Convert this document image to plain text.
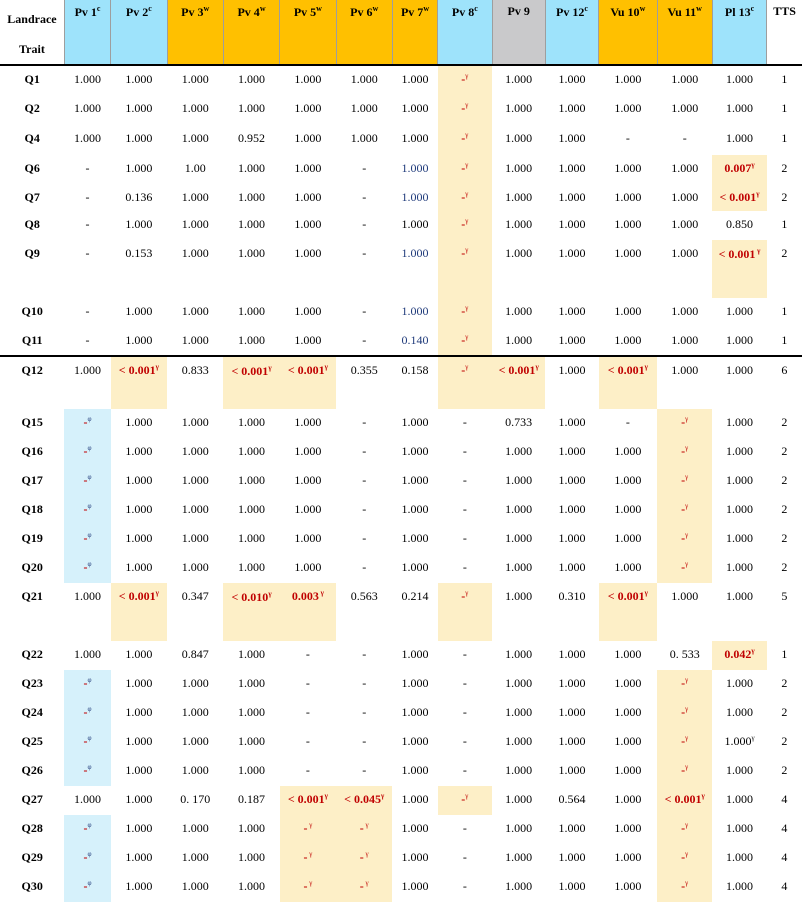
Landrace
Trait	Pv 1$^c$	Pv 2$^c$	Pv 3$^w$	Pv 4$^w$	Pv 5$^w$	Pv 6$^w$	Pv 7$^w$	Pv 8$^c$	Pv 9	Pv 12$^c$	Vu 10$^w$	Vu 11$^w$	Pl 13$^c$	TTS
Q1	1.000	1.000	1.000	1.000	1.000	1.000	1.000	-$^\gamma$	1.000	1.000	1.000	1.000	1.000	1
Q2	1.000	1.000	1.000	1.000	1.000	1.000	1.000	-$^\gamma$	1.000	1.000	1.000	1.000	1.000	1
Q4	1.000	1.000	1.000	0.952	1.000	1.000	1.000	-$^\gamma$	1.000	1.000	-	-	1.000	1
Q6	-	1.000	1.00	1.000	1.000	-	1.000	-$^\gamma$	1.000	1.000	1.000	1.000	$0.007^\gamma$	2
Q7	-	0.136	1.000	1.000	1.000	-	1.000	-$^\gamma$	1.000	1.000	1.000	1.000	< $0.001^\gamma$	2
Q8	-	1.000	1.000	1.000	1.000	-	1.000	-$^\gamma$	1.000	1.000	1.000	1.000	0.850	1
Q9	-	0.153	1.000	1.000	1.000	-	1.000	-$^\gamma$	1.000	1.000	1.000	1.000	< 0.001 $^\gamma$	2
Q10	-	1.000	1.000	1.000	1.000	-	1.000	-$^\gamma$	1.000	1.000	1.000	1.000	1.000	1
Q11	-	1.000	1.000	1.000	1.000	-	0.140	-$^\gamma$	1.000	1.000	1.000	1.000	1.000	1
Q12	1.000	< $0.001^\gamma$	0.833	< $0.001^\gamma$	< $0.001^\gamma$	0.355	0.158	-$^\gamma$	< $0.001^\gamma$	1.000	< $0.001^\gamma$	1.000	1.000	6
Q15	-$^\varphi$	1.000	1.000	1.000	1.000	-	1.000	-	0.733	1.000	-	-$^\gamma$	1.000	2
Q16	-$^\varphi$	1.000	1.000	1.000	1.000	-	1.000	-	1.000	1.000	1.000	-$^\gamma$	1.000	2
Q17	-$^\varphi$	1.000	1.000	1.000	1.000	-	1.000	-	1.000	1.000	1.000	-$^\gamma$	1.000	2
Q18	-$^\varphi$	1.000	1.000	1.000	1.000	-	1.000	-	1.000	1.000	1.000	-$^\gamma$	1.000	2
Q19	-$^\varphi$	1.000	1.000	1.000	1.000	-	1.000	-	1.000	1.000	1.000	-$^\gamma$	1.000	2
Q20	-$^\varphi$	1.000	1.000	1.000	1.000	-	1.000	-	1.000	1.000	1.000	-$^\gamma$	1.000	2
Q21	1.000	< $0.001^\gamma$	0.347	< $0.010^\gamma$	0.003 $^\gamma$	0.563	0.214	-$^\gamma$	1.000	0.310	< $0.001^\gamma$	1.000	1.000	5
Q22	1.000	1.000	0.847	1.000	-	-	1.000	-	1.000	1.000	1.000	0. 533	$0.042^\gamma$	1
Q23	-$^\varphi$	1.000	1.000	1.000	-	-	1.000	-	1.000	1.000	1.000	-$^\gamma$	1.000	2
Q24	-$^\varphi$	1.000	1.000	1.000	-	-	1.000	-	1.000	1.000	1.000	-$^\gamma$	1.000	2
Q25	-$^\varphi$	1.000	1.000	1.000	-	-	1.000	-	1.000	1.000	1.000	-$^\gamma$	$1.000^\gamma$	2
Q26	-$^\varphi$	1.000	1.000	1.000	-	-	1.000	-	1.000	1.000	1.000	-$^\gamma$	1.000	2
Q27	1.000	1.000	0. 170	0.187	< $0.001^\gamma$	< $0.045^\gamma$	1.000	-$^\gamma$	1.000	0.564	1.000	< $0.001^\gamma$	1.000	4
Q28	-$^\varphi$	1.000	1.000	1.000	- $^\gamma$	- $^\gamma$	1.000	-	1.000	1.000	1.000	-$^\gamma$	1.000	4
Q29	-$^\varphi$	1.000	1.000	1.000	- $^\gamma$	- $^\gamma$	1.000	-	1.000	1.000	1.000	-$^\gamma$	1.000	4
Q30	-$^\varphi$	1.000	1.000	1.000	- $^\gamma$	- $^\gamma$	1.000	-	1.000	1.000	1.000	-$^\gamma$	1.000	4
